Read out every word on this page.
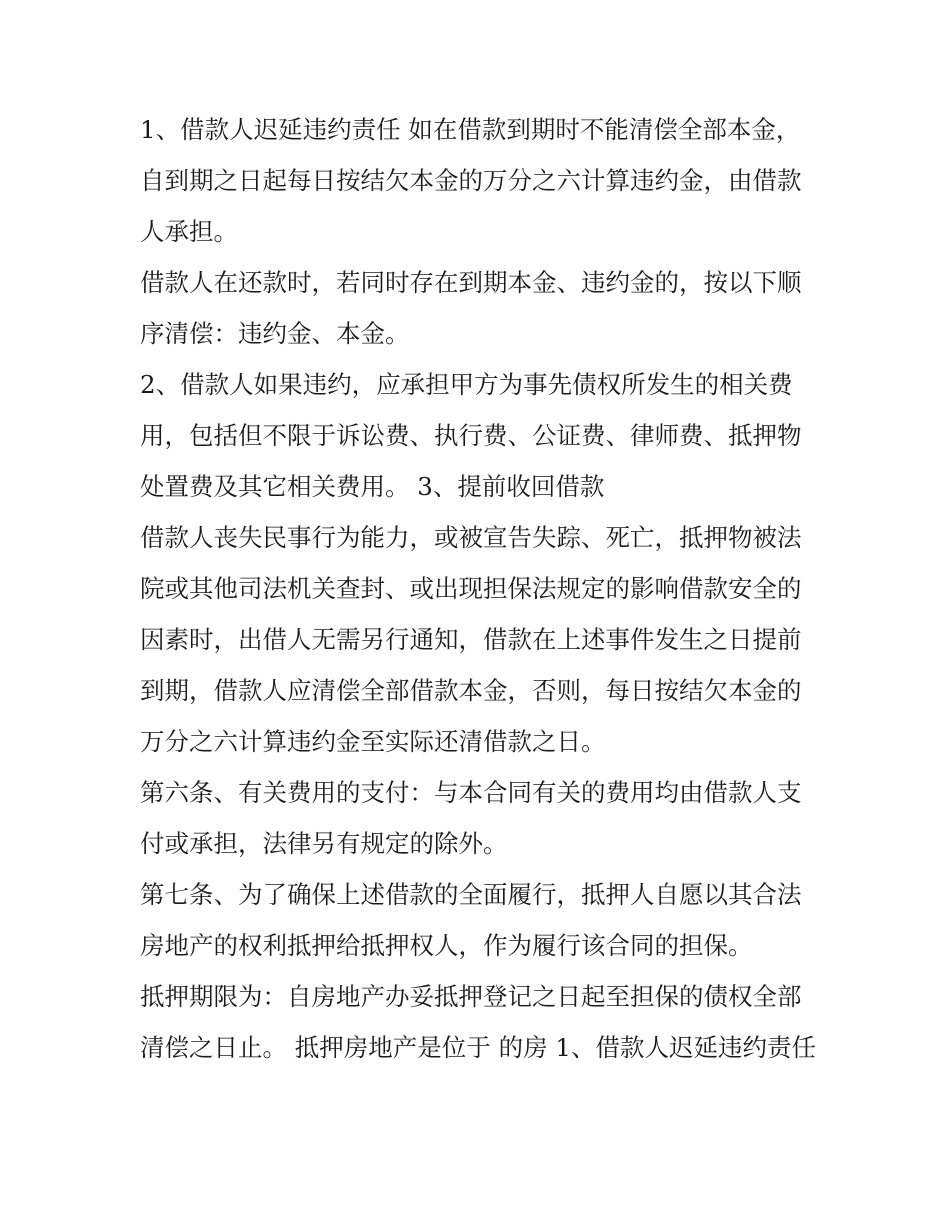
1、借款人迟延违约责任 如在借款到期时不能清偿全部本金，自到期之日起每日按结欠本金的万分之六计算违约金，由借款人承担。

借款人在还款时，若同时存在到期本金、违约金的，按以下顺序清偿：违约金、本金。

2、借款人如果违约，应承担甲方为事先债权所发生的相关费用，包括但不限于诉讼费、执行费、公证费、律师费、抵押物处置费及其它相关费用。 3、提前收回借款

借款人丧失民事行为能力，或被宣告失踪、死亡，抵押物被法院或其他司法机关查封、或出现担保法规定的影响借款安全的因素时，出借人无需另行通知，借款在上述事件发生之日提前到期，借款人应清偿全部借款本金，否则，每日按结欠本金的万分之六计算违约金至实际还清借款之日。

第六条、有关费用的支付：与本合同有关的费用均由借款人支付或承担，法律另有规定的除外。

第七条、为了确保上述借款的全面履行，抵押人自愿以其合法房地产的权利抵押给抵押权人，作为履行该合同的担保。

抵押期限为：自房地产办妥抵押登记之日起至担保的债权全部清偿之日止。 抵押房地产是位于 的房 1、借款人迟延违约责任
